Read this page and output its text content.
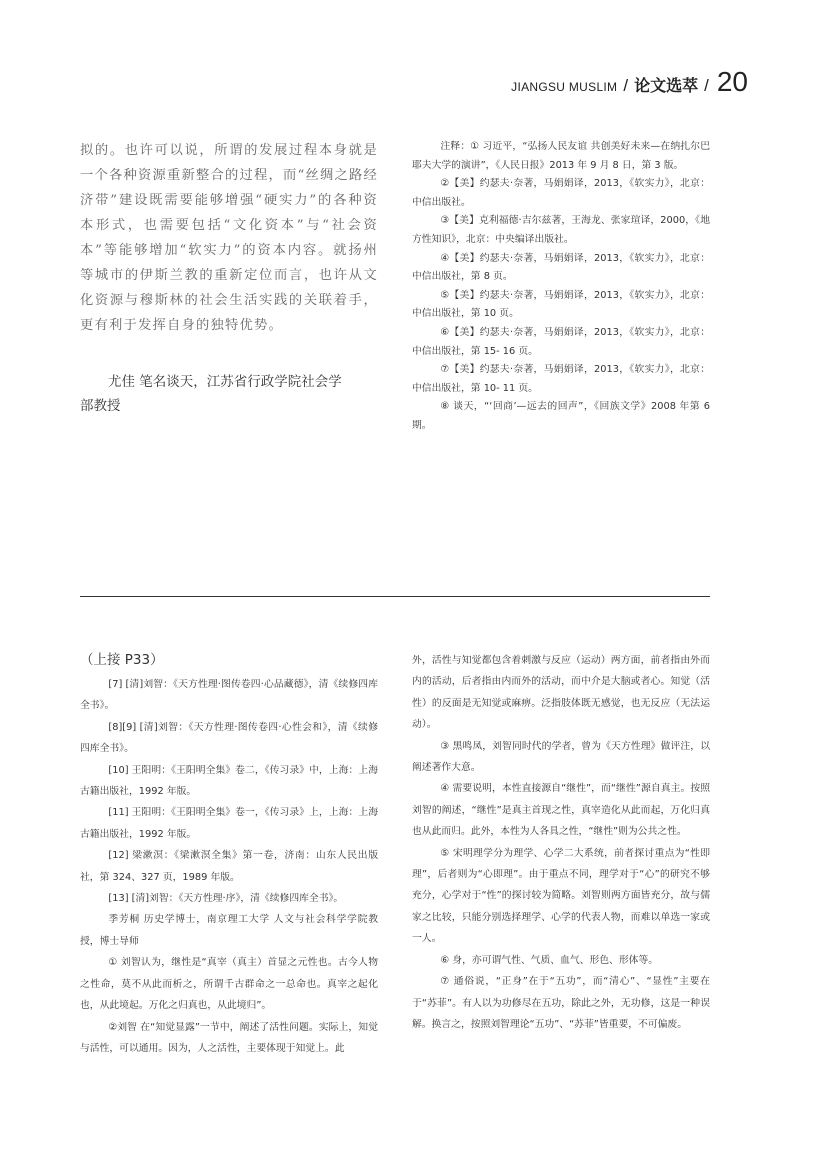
JIANGSU MUSLIM / 论文选萃 / 20
拟的。也许可以说，所谓的发展过程本身就是一个各种资源重新整合的过程，而“丝绸之路经济带”建设既需要能够增强“硬实力”的各种资本形式，也需要包括“文化资本”与“社会资本”等能够增加“软实力”的资本内容。就扬州等城市的伊斯兰教的重新定位而言，也许从文化资源与穆斯林的社会生活实践的关联着手，更有利于发挥自身的独特优势。
尤佳 笔名谈天，江苏省行政学院社会学
部教授

注释：① 习近平，“弘扬人民友谊 共创美好未来—在纳扎尔巴耶夫大学的演讲”，《人民日报》2013 年 9 月 8 日，第 3 版。

②【美】约瑟夫·奈著，马娟娟译，2013，《软实力》，北京：中信出版社。

③【美】克利福德·吉尔兹著，王海龙、张家瑄译，2000，《地方性知识》，北京：中央编译出版社。

④【美】约瑟夫·奈著，马娟娟译，2013，《软实力》，北京：中信出版社，第 8 页。

⑤【美】约瑟夫·奈著，马娟娟译，2013，《软实力》，北京：中信出版社，第 10 页。

⑥【美】约瑟夫·奈著，马娟娟译，2013，《软实力》，北京：中信出版社，第 15- 16 页。

⑦【美】约瑟夫·奈著，马娟娟译，2013，《软实力》，北京：中信出版社，第 10- 11 页。

⑧ 谈天，“‘回商’—远去的回声”，《回族文学》2008 年第 6 期。

（上接 P33）

[7] [清]刘智：《天方性理·图传卷四·心品藏德》，清《续修四库全书》。

[8][9] [清]刘智：《天方性理·图传卷四·心性会和》，清《续修四库全书》。

[10] 王阳明：《王阳明全集》卷二，《传习录》中，上海：上海古籍出版社，1992 年版。

[11] 王阳明：《王阳明全集》卷一，《传习录》上，上海：上海古籍出版社，1992 年版。

[12] 梁漱溟：《梁漱溟全集》第一卷，济南：山东人民出版社，第 324、327 页，1989 年版。

[13] [清]刘智：《天方性理·序》，清《续修四库全书》。

季芳桐 历史学博士，南京理工大学 人文与社会科学学院教授，博士导师

① 刘智认为，继性是“真宰（真主）首显之元性也。古今人物之性命，莫不从此而析之，所谓千古群命之一总命也。真宰之起化也，从此境起。万化之归真也，从此境归”。

②刘智 在“知觉显露”一节中，阐述了活性问题。实际上，知觉与活性，可以通用。因为，人之活性，主要体现于知觉上。此

外，活性与知觉都包含着刺激与反应（运动）两方面，前者指由外而内的活动，后者指由内而外的活动，而中介是大脑或者心。知觉（活性）的反面是无知觉或麻痹。泛指肢体既无感觉，也无反应（无法运动）。

③ 黑鸣凤，刘智同时代的学者，曾为《天方性理》做评注，以阐述著作大意。

④ 需要说明，本性直接源自“继性”，而“继性”源自真主。按照刘智的阐述，“继性”是真主首现之性，真宰造化从此而起，万化归真也从此而归。此外，本性为人各具之性，“继性”则为公共之性。

⑤ 宋明理学分为理学、心学二大系统，前者探讨重点为“性即理”，后者则为“心即理”。由于重点不同，理学对于“心”的研究不够充分，心学对于“性”的探讨较为简略。刘智则两方面皆充分，故与儒家之比较，只能分别选择理学、心学的代表人物，而难以单选一家或一人。

⑥ 身，亦可谓气性、气质、血气、形色、形体等。

⑦ 通俗说，“正身”在于“五功”，而“清心”、“显性”主要在于“苏菲”。有人以为功修尽在五功，除此之外，无功修，这是一种误解。换言之，按照刘智理论“五功”、“苏菲”皆重要，不可偏废。
